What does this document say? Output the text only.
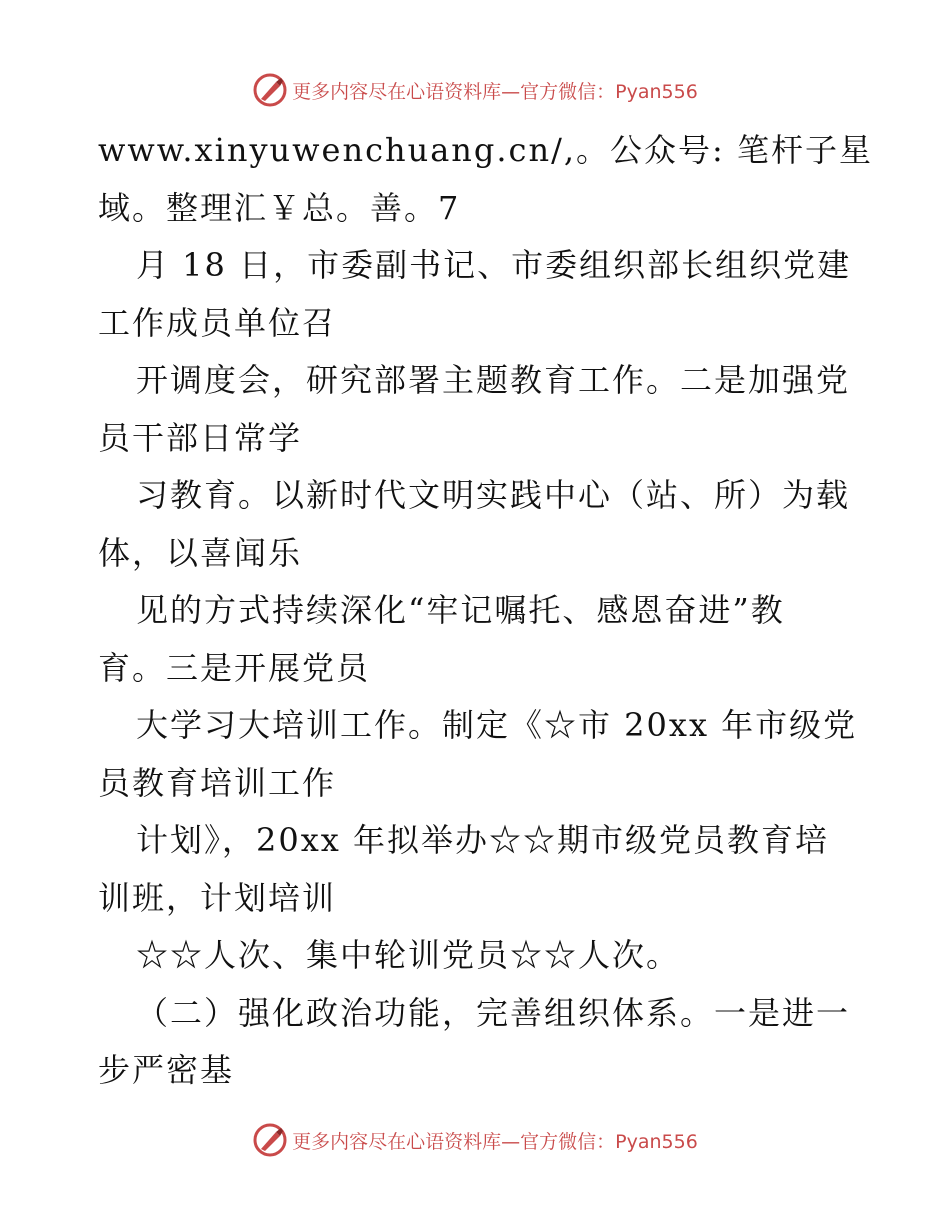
更多内容尽在心语资料库—官方微信：Pyan556
www.xinyuwenchuang.cn/,。公众号: 笔杆子星
域。整理汇￥总。善。7
月 18 日，市委副书记、市委组织部长组织党建
工作成员单位召
开调度会，研究部署主题教育工作。二是加强党
员干部日常学
习教育。以新时代文明实践中心（站、所）为载
体，以喜闻乐
见的方式持续深化“牢记嘱托、感恩奋进”教
育。三是开展党员
大学习大培训工作。制定《☆市 20xx 年市级党
员教育培训工作
计划》，20xx 年拟举办☆☆期市级党员教育培
训班，计划培训
☆☆人次、集中轮训党员☆☆人次。
（二）强化政治功能，完善组织体系。一是进一
步严密基
更多内容尽在心语资料库—官方微信：Pyan556
